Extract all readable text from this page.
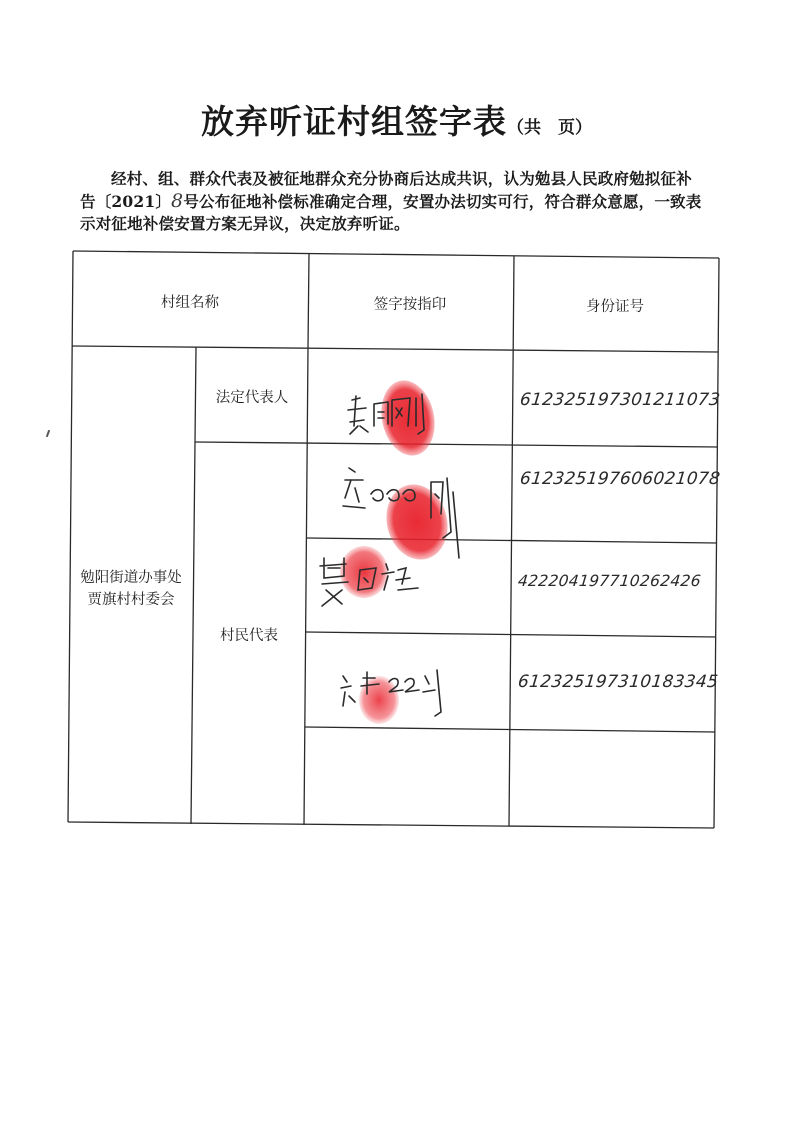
放弃听证村组签字表（共　页）
经村、组、群众代表及被征地群众充分协商后达成共识，认为勉县人民政府勉拟征补
告〔2021〕8号公布征地补偿标准确定合理，安置办法切实可行，符合群众意愿，一致表
示对征地补偿安置方案无异议，决定放弃听证。
村组名称	签字按指印	身份证号
勉阳街道办事处
贾旗村村委会
法定代表人
村民代表
612325197301211073
612325197606021078
422204197710262426
612325197310183345
